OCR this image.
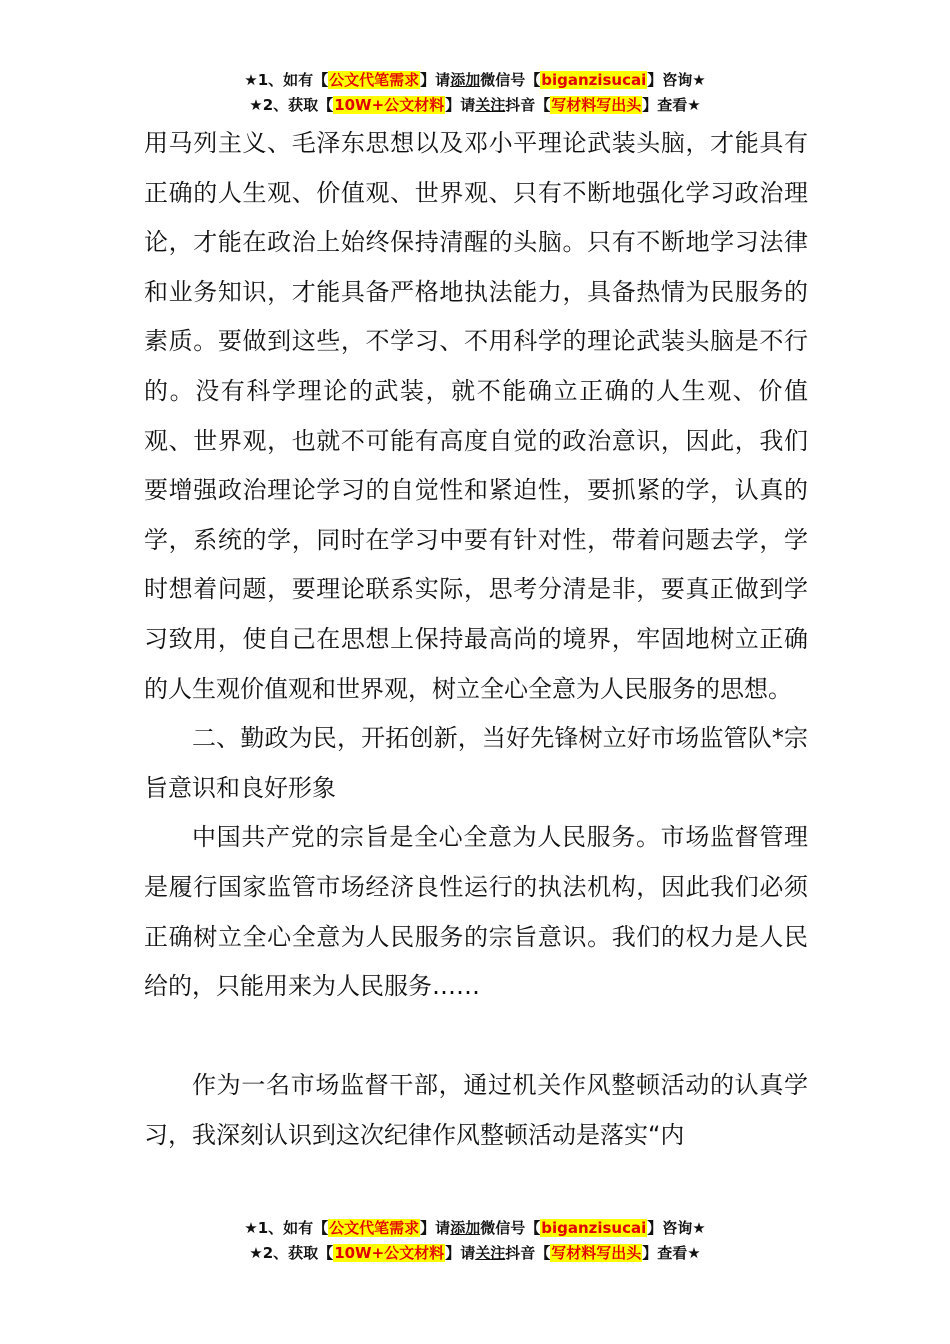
★1、如有【公文代笔需求】请添加微信号【biganzisucai】咨询★
★2、获取【10W+公文材料】请关注抖音【写材料写出头】查看★

用马列主义、毛泽东思想以及邓小平理论武装头脑，才能具有正确的人生观、价值观、世界观、只有不断地强化学习政治理论，才能在政治上始终保持清醒的头脑。只有不断地学习法律和业务知识，才能具备严格地执法能力，具备热情为民服务的素质。要做到这些，不学习、不用科学的理论武装头脑是不行的。没有科学理论的武装，就不能确立正确的人生观、价值观、世界观，也就不可能有高度自觉的政治意识，因此，我们要增强政治理论学习的自觉性和紧迫性，要抓紧的学，认真的学，系统的学，同时在学习中要有针对性，带着问题去学，学时想着问题，要理论联系实际，思考分清是非，要真正做到学习致用，使自己在思想上保持最高尚的境界，牢固地树立正确的人生观价值观和世界观，树立全心全意为人民服务的思想。

二、勤政为民，开拓创新，当好先锋树立好市场监管队*宗旨意识和良好形象

中国共产党的宗旨是全心全意为人民服务。市场监督管理是履行国家监管市场经济良性运行的执法机构，因此我们必须正确树立全心全意为人民服务的宗旨意识。我们的权力是人民给的，只能用来为人民服务……

作为一名市场监督干部，通过机关作风整顿活动的认真学习，我深刻认识到这次纪律作风整顿活动是落实“内

★1、如有【公文代笔需求】请添加微信号【biganzisucai】咨询★
★2、获取【10W+公文材料】请关注抖音【写材料写出头】查看★
